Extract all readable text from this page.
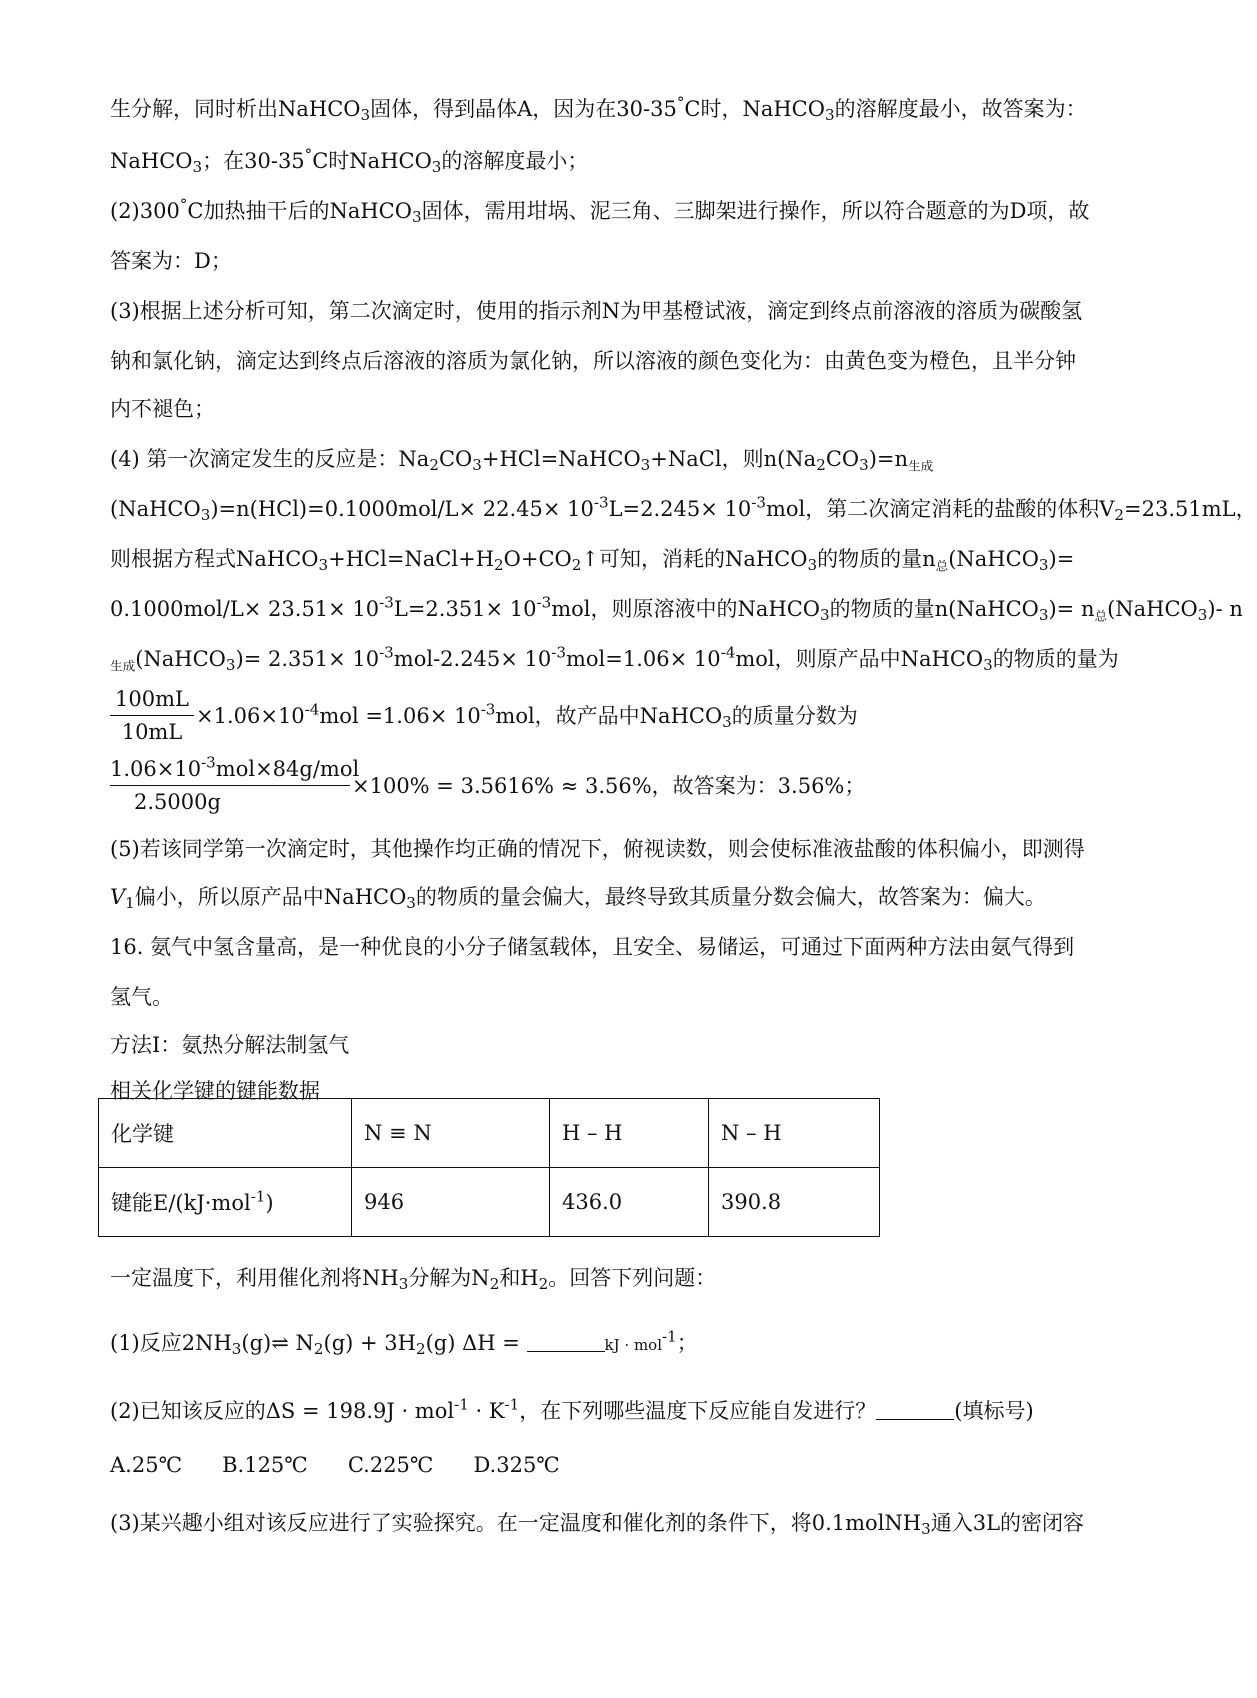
生分解，同时析出NaHCO$_3$固体，得到晶体A，因为在30-35°C时，NaHCO$_3$的溶解度最小，故答案为：
NaHCO$_3$；在30-35°C时NaHCO$_3$的溶解度最小；
(2)300°C加热抽干后的NaHCO$_3$固体，需用坩埚、泥三角、三脚架进行操作，所以符合题意的为D项，故
答案为：D；
(3)根据上述分析可知，第二次滴定时，使用的指示剂N为甲基橙试液，滴定到终点前溶液的溶质为碳酸氢
钠和氯化钠，滴定达到终点后溶液的溶质为氯化钠，所以溶液的颜色变化为：由黄色变为橙色，且半分钟
内不褪色；
(4) 第一次滴定发生的反应是：$Na_2CO_3+HCl=NaHCO_3+NaCl$，则$n(Na_2CO_3)=n_{生成}$
(NaHCO$_3$)=n(HCl)=0.1000mol/L× $22.45\times 10^{-3}L=2.245\times 10^{-3}mol$，第二次滴定消耗的盐酸的体积$V_2=23.51mL$，
则根据方程式$NaHCO_3+HCl=NaCl+H_2O+CO_2↑$可知，消耗的NaHCO$_3$的物质的量$n_总(NaHCO_3)=$
$0.1000mol/L\times 23.51\times 10^{-3}L=2.351\times 10^{-3}mol$，则原溶液中的NaHCO$_3$的物质的量n(NaHCO$_3$)= $n_总(NaHCO_3)-$ n
$_{生成}$(NaHCO$_3$)= $2.351\times 10^{-3}mol-2.245\times 10^{-3}mol=1.06\times 10^{-4}mol$，则原产品中NaHCO$_3$的物质的量为
100mL
10mL
$\times 1.06\times 10^{-4}mol =1.06\times 10^{-3}mol$，故产品中NaHCO$_3$的质量分数为
$1.06\times 10^{-3}mol\times 84g$/mol
2.5000g
×100% = 3.5616% ≈ 3.56%，故答案为：3.56%；
(5)若该同学第一次滴定时，其他操作均正确的情况下，俯视读数，则会使标准液盐酸的体积偏小，即测得
$V_1$偏小，所以原产品中NaHCO$_3$的物质的量会偏大，最终导致其质量分数会偏大，故答案为：偏大。
16. 氨气中氢含量高，是一种优良的小分子储氢载体，且安全、易储运，可通过下面两种方法由氨气得到
氢气。
方法I：氨热分解法制氢气
相关化学键的键能数据
化学键	N ≡ N	H – H	N – H
键能E/(kJ·mol$^{-1}$)	946	436.0	390.8
一定温度下，利用催化剂将$NH_3$分解为$N_2$和$H_2$。回答下列问题：
(1)反应$2NH_3(g)\rightleftharpoons$ $N_2(g) + 3H_2(g) \Delta H$ =	kJ · mol$^{-1}$；
(2)已知该反应的$\Delta S = 198.9J \cdot mol^{-1} \cdot K^{-1}$，在下列哪些温度下反应能自发进行？	(填标号)
A.25℃      B.125℃      C.225℃      D.325℃
(3)某兴趣小组对该反应进行了实验探究。在一定温度和催化剂的条件下，将0.1molNH$_3$通入3L的密闭容
